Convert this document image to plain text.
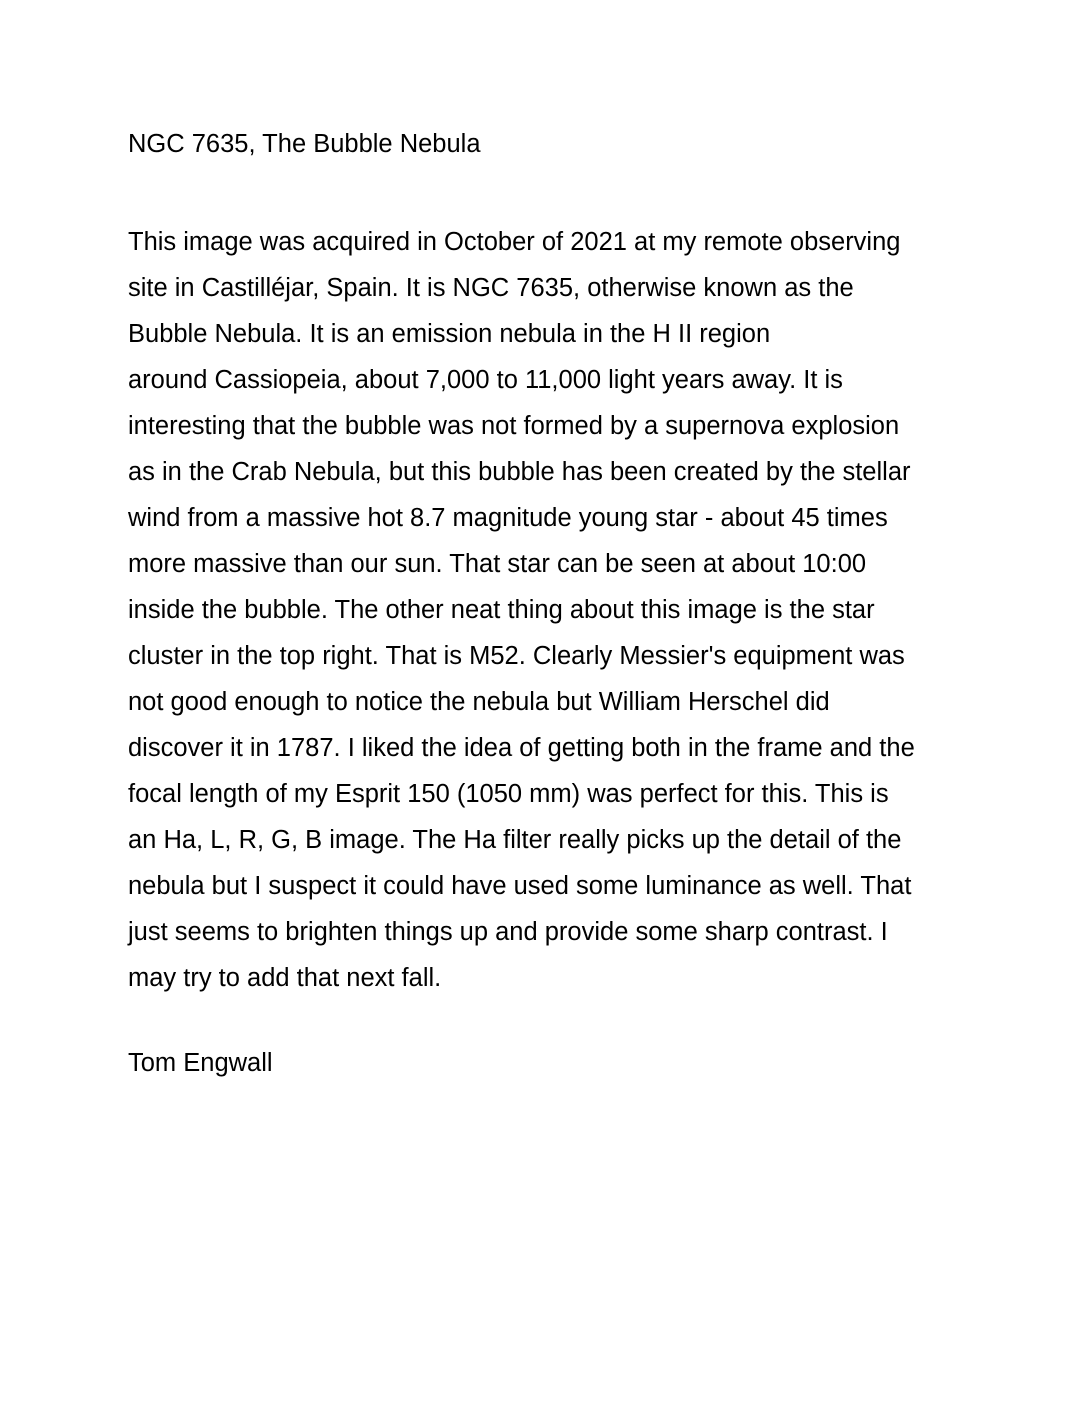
NGC 7635, The Bubble Nebula
This image was acquired in October of 2021 at my remote observing
site in Castilléjar, Spain. It is NGC 7635, otherwise known as the
Bubble Nebula. It is an emission nebula in the H II region
around Cassiopeia, about 7,000 to 11,000 light years away. It is
interesting that the bubble was not formed by a supernova explosion
as in the Crab Nebula, but this bubble has been created by the stellar
wind from a massive hot 8.7 magnitude young star - about 45 times
more massive than our sun. That star can be seen at about 10:00
inside the bubble. The other neat thing about this image is the star
cluster in the top right. That is M52. Clearly Messier's equipment was
not good enough to notice the nebula but William Herschel did
discover it in 1787. I liked the idea of getting both in the frame and the
focal length of my Esprit 150 (1050 mm) was perfect for this. This is
an Ha, L, R, G, B image. The Ha filter really picks up the detail of the
nebula but I suspect it could have used some luminance as well. That
just seems to brighten things up and provide some sharp contrast. I
may try to add that next fall.
Tom Engwall
